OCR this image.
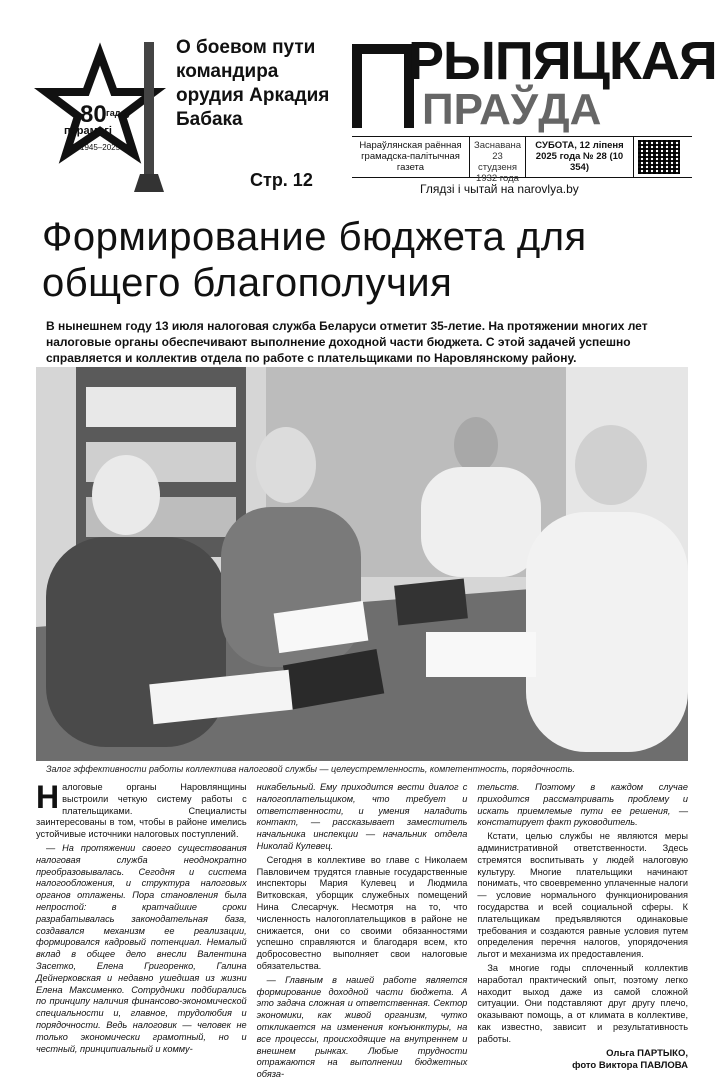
80 гадоў
перамогі
1945–2025
О боевом пути командира орудия Аркадия Бабака
Стр. 12
РЫПЯЦКАЯ
ПРАЎДА
Нараўлянская раённая грамадска-палітычная газета
Заснавана 23 студзеня 1932 года
СУБОТА, 12 ліпеня 2025 года № 28 (10 354)
Глядзі і чытай на narovlya.by
Формирование бюджета для общего благополучия
В нынешнем году 13 июля налоговая служба Беларуси отметит 35-летие. На протяжении многих лет налоговые органы обеспечивают выполнение доходной части бюджета. С этой задачей успешно справляется и коллектив отдела по работе с плательщиками по Наровлянскому району.
Залог эффективности работы коллектива налоговой службы — целеустремленность, компетентность, порядочность.

Налоговые органы Наровлянщины выстроили четкую систему работы с плательщиками. Специалисты заинтересованы в том, чтобы в районе имелись устойчивые источники налоговых поступлений.

— На протяжении своего существования налоговая служба неоднократно преобразовывалась. Сегодня и система налогообложения, и структура налоговых органов отлажены. Пора становления была непростой: в кратчайшие сроки разрабатывалась законодательная база, создавался механизм ее реализации, формировался кадровый потенциал. Немалый вклад в общее дело внесли Валентина Засетко, Елена Григоренко, Галина Дейнерковская и недавно ушедшая из жизни Елена Максименко. Сотрудники подбирались по принципу наличия финансово-экономической специальности и, главное, трудолюбия и порядочности. Ведь налоговик — человек не только экономически грамотный, но и честный, принципиальный и комму-

никабельный. Ему приходится вести диалог с налогоплательщиком, что требует и ответственности, и умения наладить контакт, — рассказывает заместитель начальника инспекции — начальник отдела Николай Кулевец.

Сегодня в коллективе во главе с Николаем Павловичем трудятся главные государственные инспекторы Мария Кулевец и Людмила Витковская, уборщик служебных помещений Нина Слесарчук. Несмотря на то, что численность налогоплательщиков в районе не снижается, они со своими обязанностями успешно справляются и благодаря всем, кто добросовестно выполняет свои налоговые обязательства.

— Главным в нашей работе является формирование доходной части бюджета. А это задача сложная и ответственная. Сектор экономики, как живой организм, чутко откликается на изменения конъюнктуры, на все процессы, происходящие на внутреннем и внешнем рынках. Любые трудности отражаются на выполнении бюджетных обяза-

тельств. Поэтому в каждом случае приходится рассматривать проблему и искать приемлемые пути ее решения, — констатирует факт руководитель.

Кстати, целью службы не являются меры административной ответственности. Здесь стремятся воспитывать у людей налоговую культуру. Многие плательщики начинают понимать, что своевременно уплаченные налоги — условие нормального функционирования государства и всей социальной сферы. К плательщикам предъявляются одинаковые требования и создаются равные условия путем определения перечня налогов, упорядочения льгот и механизма их предоставления.

За многие годы сплоченный коллектив наработал практический опыт, поэтому легко находит выход даже из самой сложной ситуации. Они подставляют друг другу плечо, оказывают помощь, а от климата в коллективе, как известно, зависит и результативность работы.

Ольга ПАРТЫКО,
фото Виктора ПАВЛОВА
